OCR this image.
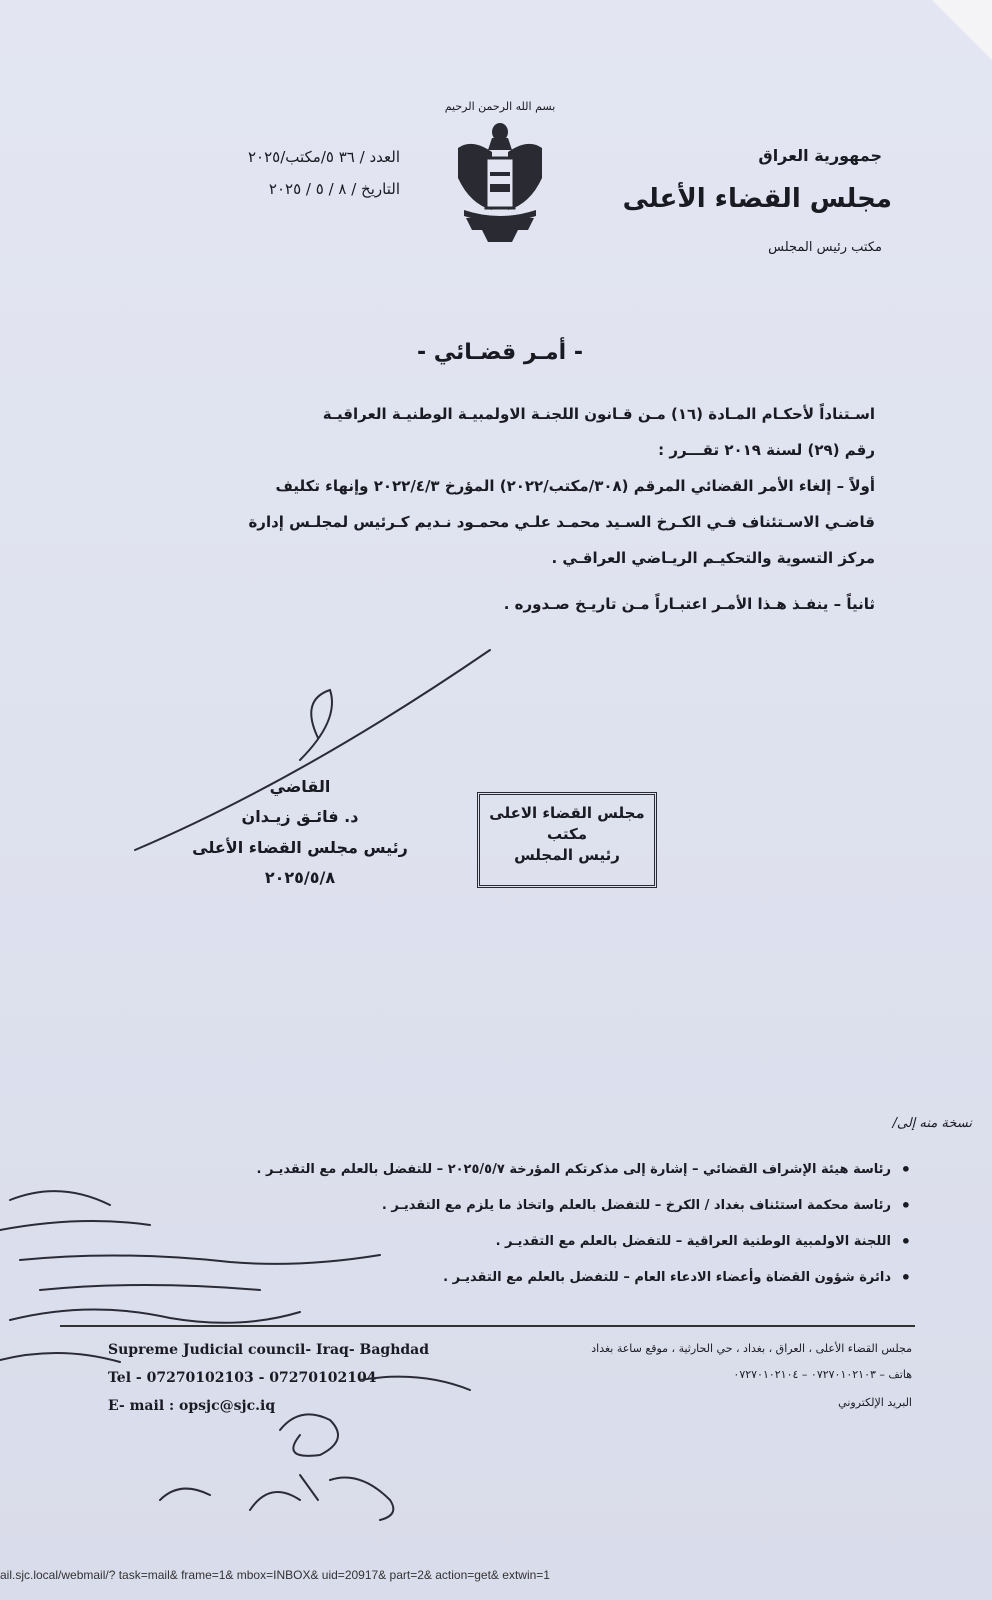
بسم الله الرحمن الرحيم
جمهورية العراق
مجلس القضاء الأعلى
مكتب رئيس المجلس
العدد / ٣٦ ٥/مكتب/٢٠٢٥
التاريخ / ٨ / ٥ / ٢٠٢٥
- أمـر قضـائي -
اسـتناداً لأحكـام المـادة (١٦) مـن قـانون اللجنـة الاولمبيـة الوطنيـة العراقيـة
رقم (٢٩) لسنة ٢٠١٩ تقـــرر :
أولاً – إلغاء الأمر القضائي المرقم (٣٠٨/مكتب/٢٠٢٢) المؤرخ ٢٠٢٢/٤/٣ وإنهاء تكليف
قاضـي الاسـتئناف فـي الكـرخ السـيد محمـد علـي محمـود نـديم كـرئيس لمجلـس إدارة
مركز التسوية والتحكيـم الريـاضي العراقـي .
ثانياً – ينفـذ هـذا الأمـر اعتبـاراً مـن تاريـخ صـدوره .
القاضي
د. فائـق زيـدان
رئيس مجلس القضاء الأعلى
٢٠٢٥/٥/٨
مجلس القضاء الاعلى
مكتب
رئيس المجلس
نسخة منه إلى/
• رئاسة هيئة الإشراف القضائي – إشارة إلى مذكرتكم المؤرخة ٢٠٢٥/٥/٧ – للتفضل بالعلم مع التقديـر .
• رئاسة محكمة استئناف بغداد / الكرخ – للتفضل بالعلم واتخاذ ما يلزم مع التقديـر .
• اللجنة الاولمبية الوطنية العراقية – للتفضل بالعلم مع التقديـر .
• دائرة شؤون القضاة وأعضاء الادعاء العام – للتفضل بالعلم مع التقديـر .
مجلس القضاء الأعلى ، العراق ، بغداد ، حي الحارثية ، موقع ساعة بغداد
هاتف – ٠٧٢٧٠١٠٢١٠٣ – ٠٧٢٧٠١٠٢١٠٤
البريد الإلكتروني
Supreme Judicial council- Iraq- Baghdad
Tel - 07270102103 - 07270102104
E- mail : opsjc@sjc.iq
ail.sjc.local/webmail/? task=mail& frame=1& mbox=INBOX& uid=20917& part=2& action=get& extwin=1
